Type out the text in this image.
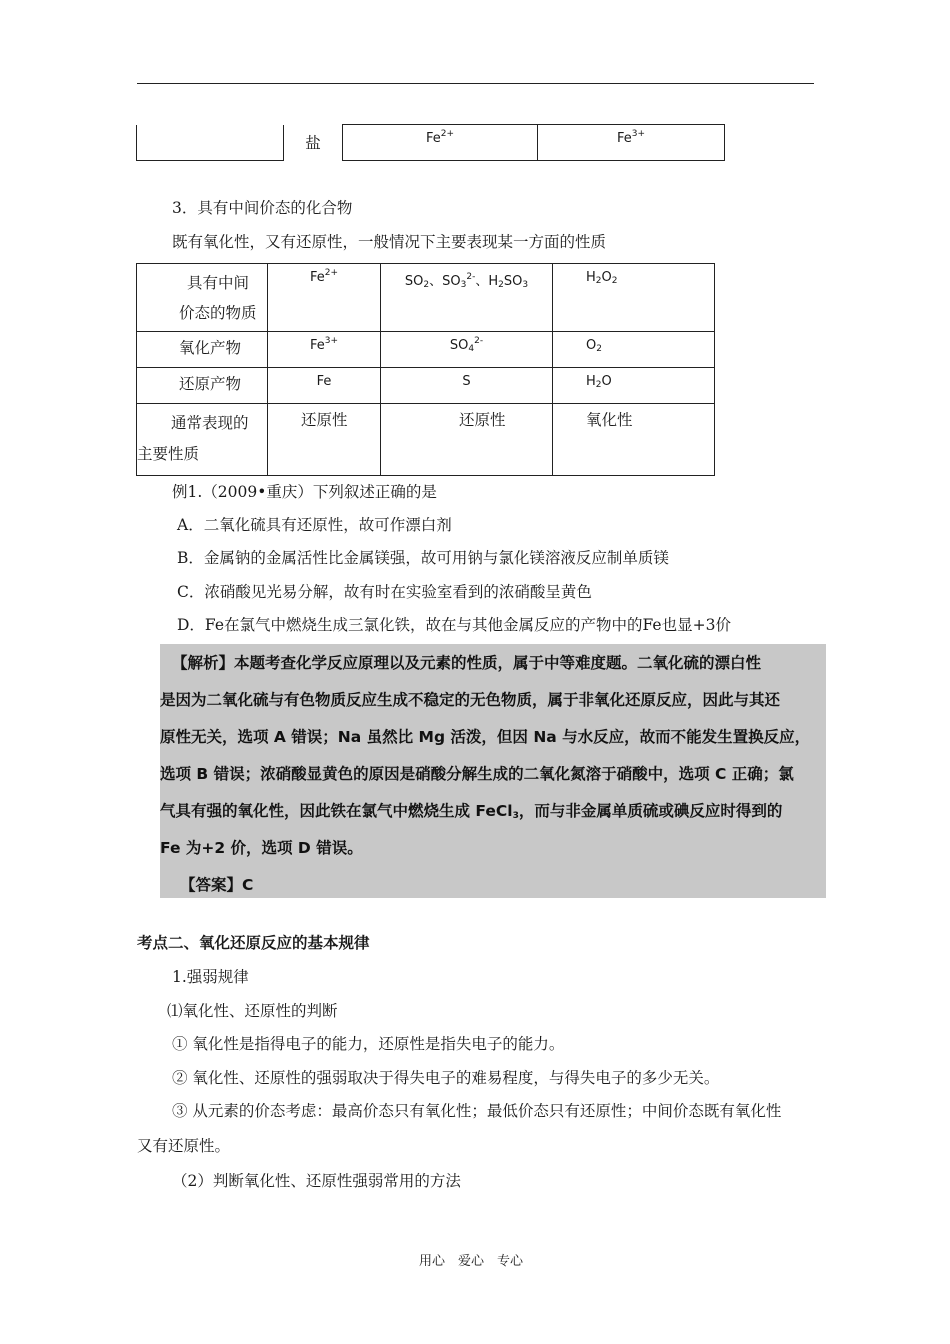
	盐	$Fe^{2+}$	$Fe^{3+}$
3．具有中间价态的化合物
既有氧化性，又有还原性，一般情况下主要表现某一方面的性质
具有中间
价态的物质	$Fe^{2+}$	$SO_2$、$SO_3^{2-}$、$H_2SO_3$	$H_2O_2$
氧化产物	$Fe^{3+}$	$SO_4^{2-}$	$O_2$
还原产物	Fe	S	$H_2O$

通常表现的
主要性质	还原性	还原性	氧化性
例1.（2009•重庆）下列叙述正确的是
A．二氧化硫具有还原性，故可作漂白剂
B．金属钠的金属活性比金属镁强，故可用钠与氯化镁溶液反应制单质镁
C．浓硝酸见光易分解，故有时在实验室看到的浓硝酸呈黄色
D．Fe在氯气中燃烧生成三氯化铁，故在与其他金属反应的产物中的Fe也显+3价
【解析】本题考查化学反应原理以及元素的性质，属于中等难度题。二氧化硫的漂白性
是因为二氧化硫与有色物质反应生成不稳定的无色物质，属于非氧化还原反应，因此与其还
原性无关，选项 A 错误；Na 虽然比 Mg 活泼，但因 Na 与水反应，故而不能发生置换反应，
选项 B 错误；浓硝酸显黄色的原因是硝酸分解生成的二氧化氮溶于硝酸中，选项 C 正确；氯
气具有强的氧化性，因此铁在氯气中燃烧生成 FeCl$_3$，而与非金属单质硫或碘反应时得到的
Fe 为+2 价，选项 D 错误。
【答案】C
考点二、氧化还原反应的基本规律
1.强弱规律
⑴氧化性、还原性的判断
① 氧化性是指得电子的能力，还原性是指失电子的能力。
② 氧化性、还原性的强弱取决于得失电子的难易程度，与得失电子的多少无关。
③ 从元素的价态考虑：最高价态只有氧化性；最低价态只有还原性；中间价态既有氧化性
又有还原性。
（2）判断氧化性、还原性强弱常用的方法
用心　爱心　专心
